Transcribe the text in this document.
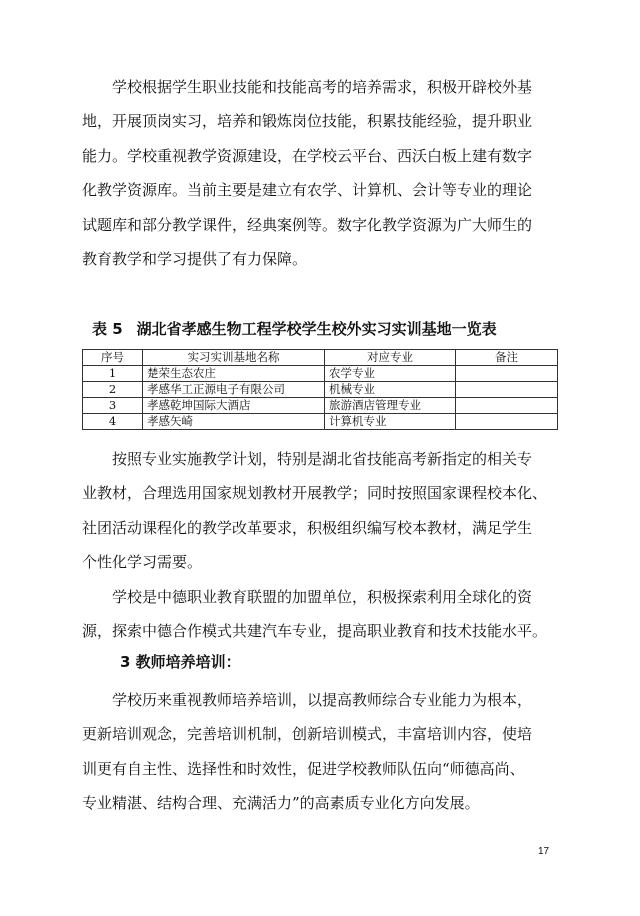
学校根据学生职业技能和技能高考的培养需求，积极开辟校外基
地，开展顶岗实习，培养和锻炼岗位技能，积累技能经验，提升职业
能力。学校重视教学资源建设，在学校云平台、西沃白板上建有数字
化教学资源库。当前主要是建立有农学、计算机、会计等专业的理论
试题库和部分教学课件，经典案例等。数字化教学资源为广大师生的
教育教学和学习提供了有力保障。
表 5 湖北省孝感生物工程学校学生校外实习实训基地一览表
序号	实习实训基地名称	对应专业	备注
1	楚荣生态农庄	农学专业	
2	孝感华工正源电子有限公司	机械专业	
3	孝感乾坤国际大酒店	旅游酒店管理专业	
4	孝感矢崎	计算机专业	
按照专业实施教学计划，特别是湖北省技能高考新指定的相关专
业教材，合理选用国家规划教材开展教学；同时按照国家课程校本化、
社团活动课程化的教学改革要求，积极组织编写校本教材，满足学生
个性化学习需要。
学校是中德职业教育联盟的加盟单位，积极探索利用全球化的资
源，探索中德合作模式共建汽车专业，提高职业教育和技术技能水平。
3 教师培养培训：
学校历来重视教师培养培训，以提高教师综合专业能力为根本，
更新培训观念，完善培训机制，创新培训模式，丰富培训内容，使培
训更有自主性、选择性和时效性，促进学校教师队伍向“师德高尚、
专业精湛、结构合理、充满活力”的高素质专业化方向发展。
17
